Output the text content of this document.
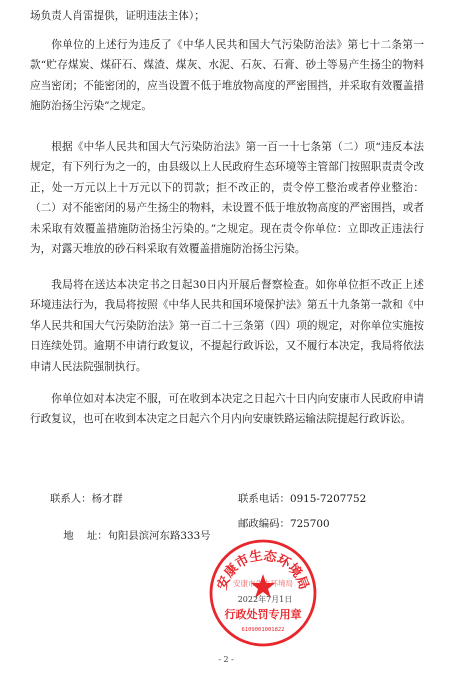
场负责人肖雷提供，证明违法主体）；

你单位的上述行为违反了《中华人民共和国大气污染防治法》第七十二条第一款“贮存煤炭、煤矸石、煤渣、煤灰、水泥、石灰、石膏、砂土等易产生扬尘的物料应当密闭；不能密闭的，应当设置不低于堆放物高度的严密围挡，并采取有效覆盖措施防治扬尘污染”之规定。

根据《中华人民共和国大气污染防治法》第一百一十七条第（二）项“违反本法规定，有下列行为之一的，由县级以上人民政府生态环境等主管部门按照职责责令改正，处一万元以上十万元以下的罚款；拒不改正的，责令停工整治或者停业整治：（二）对不能密闭的易产生扬尘的物料，未设置不低于堆放物高度的严密围挡，或者未采取有效覆盖措施防治扬尘污染的。”之规定。现在责令你单位：立即改正违法行为，对露天堆放的砂石料采取有效覆盖措施防治扬尘污染。

我局将在送达本决定书之日起30日内开展后督察检查。如你单位拒不改正上述环境违法行为，我局将按照《中华人民共和国环境保护法》第五十九条第一款和《中华人民共和国大气污染防治法》第一百二十三条第（四）项的规定，对你单位实施按日连续处罚。逾期不申请行政复议，不提起行政诉讼，又不履行本决定，我局将依法申请人民法院强制执行。

你单位如对本决定不服，可在收到本决定之日起六十日内向安康市人民政府申请行政复议，也可在收到本决定之日起六个月内向安康铁路运输法院提起行政诉讼。

联系人：杨才群	联系电话：0915-7207752

地    址：旬阳县滨河东路333号

邮政编码：725700
安康市生态环境局
安康市生态环境局
2022年7月1日
行政处罚专用章
6109001001822
- 2 -
